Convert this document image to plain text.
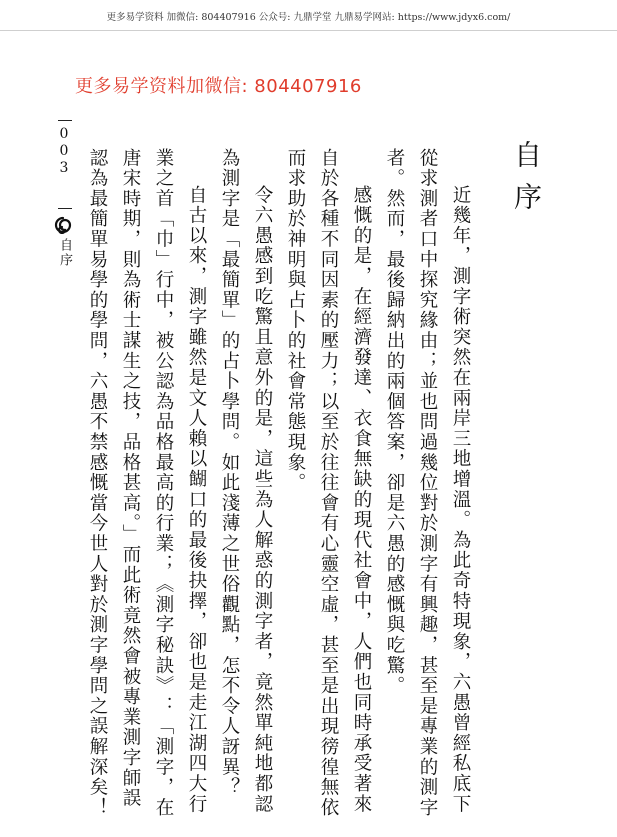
更多易学资料 加微信: 804407916 公众号: 九鼎学堂 九鼎易学网站: https://www.jdyx6.com/
更多易学资料加微信: 804407916
003
自序
自序

近幾年，測字術突然在兩岸三地增溫。為此奇特現象，六愚曾經私底下從求測者口中探究緣由；並也問過幾位對於測字有興趣，甚至是專業的測字者。然而，最後歸納出的兩個答案，卻是六愚的感慨與吃驚。

感慨的是，在經濟發達、衣食無缺的現代社會中，人們也同時承受著來自於各種不同因素的壓力；以至於往往會有心靈空虛，甚至是出現徬徨無依而求助於神明與占卜的社會常態現象。

令六愚感到吃驚且意外的是，這些為人解惑的測字者，竟然單純地都認為測字是「最簡單」的占卜學問。如此淺薄之世俗觀點，怎不令人訝異？

自古以來，測字雖然是文人賴以餬口的最後抉擇，卻也是走江湖四大行業之首「巾」行中，被公認為品格最高的行業；《測字秘訣》：「測字，在唐宋時期，則為術士謀生之技，品格甚高。」而此術竟然會被專業測字師誤認為最簡單易學的學問，六愚不禁感慨當今世人對於測字學問之誤解深矣！
